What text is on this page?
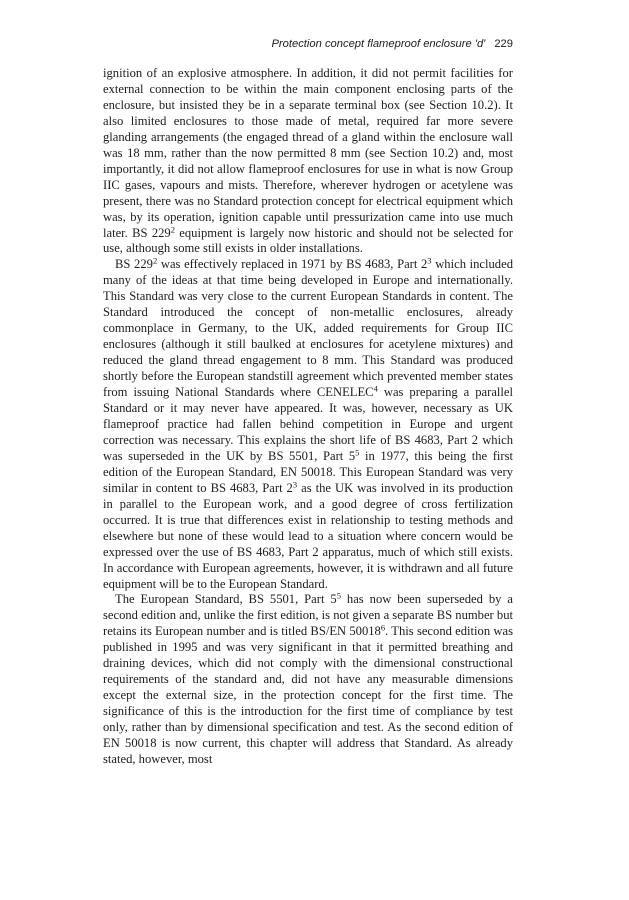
Protection concept flameproof enclosure 'd' 229

ignition of an explosive atmosphere. In addition, it did not permit facilities for external connection to be within the main component enclosing parts of the enclosure, but insisted they be in a separate terminal box (see Section 10.2). It also limited enclosures to those made of metal, required far more severe glanding arrangements (the engaged thread of a gland within the enclosure wall was 18 mm, rather than the now permitted 8 mm (see Section 10.2) and, most importantly, it did not allow flameproof enclosures for use in what is now Group IIC gases, vapours and mists. Therefore, wherever hydrogen or acetylene was present, there was no Standard protection concept for electrical equipment which was, by its operation, ignition capable until pressurization came into use much later. BS $229^2$ equipment is largely now historic and should not be selected for use, although some still exists in older installations.

BS $229^2$ was effectively replaced in 1971 by BS 4683, Part $2^3$ which included many of the ideas at that time being developed in Europe and internationally. This Standard was very close to the current European Standards in content. The Standard introduced the concept of non-metallic enclosures, already commonplace in Germany, to the UK, added requirements for Group IIC enclosures (although it still baulked at enclosures for acetylene mixtures) and reduced the gland thread engagement to 8 mm. This Standard was produced shortly before the European standstill agreement which prevented member states from issuing National Standards where CENELEC$^4$ was preparing a parallel Standard or it may never have appeared. It was, however, necessary as UK flameproof practice had fallen behind competition in Europe and urgent correction was necessary. This explains the short life of BS 4683, Part 2 which was superseded in the UK by BS 5501, Part $5^5$ in 1977, this being the first edition of the European Standard, EN 50018. This European Standard was very similar in content to BS 4683, Part $2^3$ as the UK was involved in its production in parallel to the European work, and a good degree of cross fertilization occurred. It is true that differences exist in relationship to testing methods and elsewhere but none of these would lead to a situation where concern would be expressed over the use of BS 4683, Part 2 apparatus, much of which still exists. In accordance with European agreements, however, it is withdrawn and all future equipment will be to the European Standard.

The European Standard, BS 5501, Part $5^5$ has now been superseded by a second edition and, unlike the first edition, is not given a separate BS number but retains its European number and is titled BS/EN 50018$^6$. This second edition was published in 1995 and was very significant in that it permitted breathing and draining devices, which did not comply with the dimensional constructional requirements of the standard and, did not have any measurable dimensions except the external size, in the protection concept for the first time. The significance of this is the introduction for the first time of compliance by test only, rather than by dimensional specification and test. As the second edition of EN 50018 is now current, this chapter will address that Standard. As already stated, however, most
